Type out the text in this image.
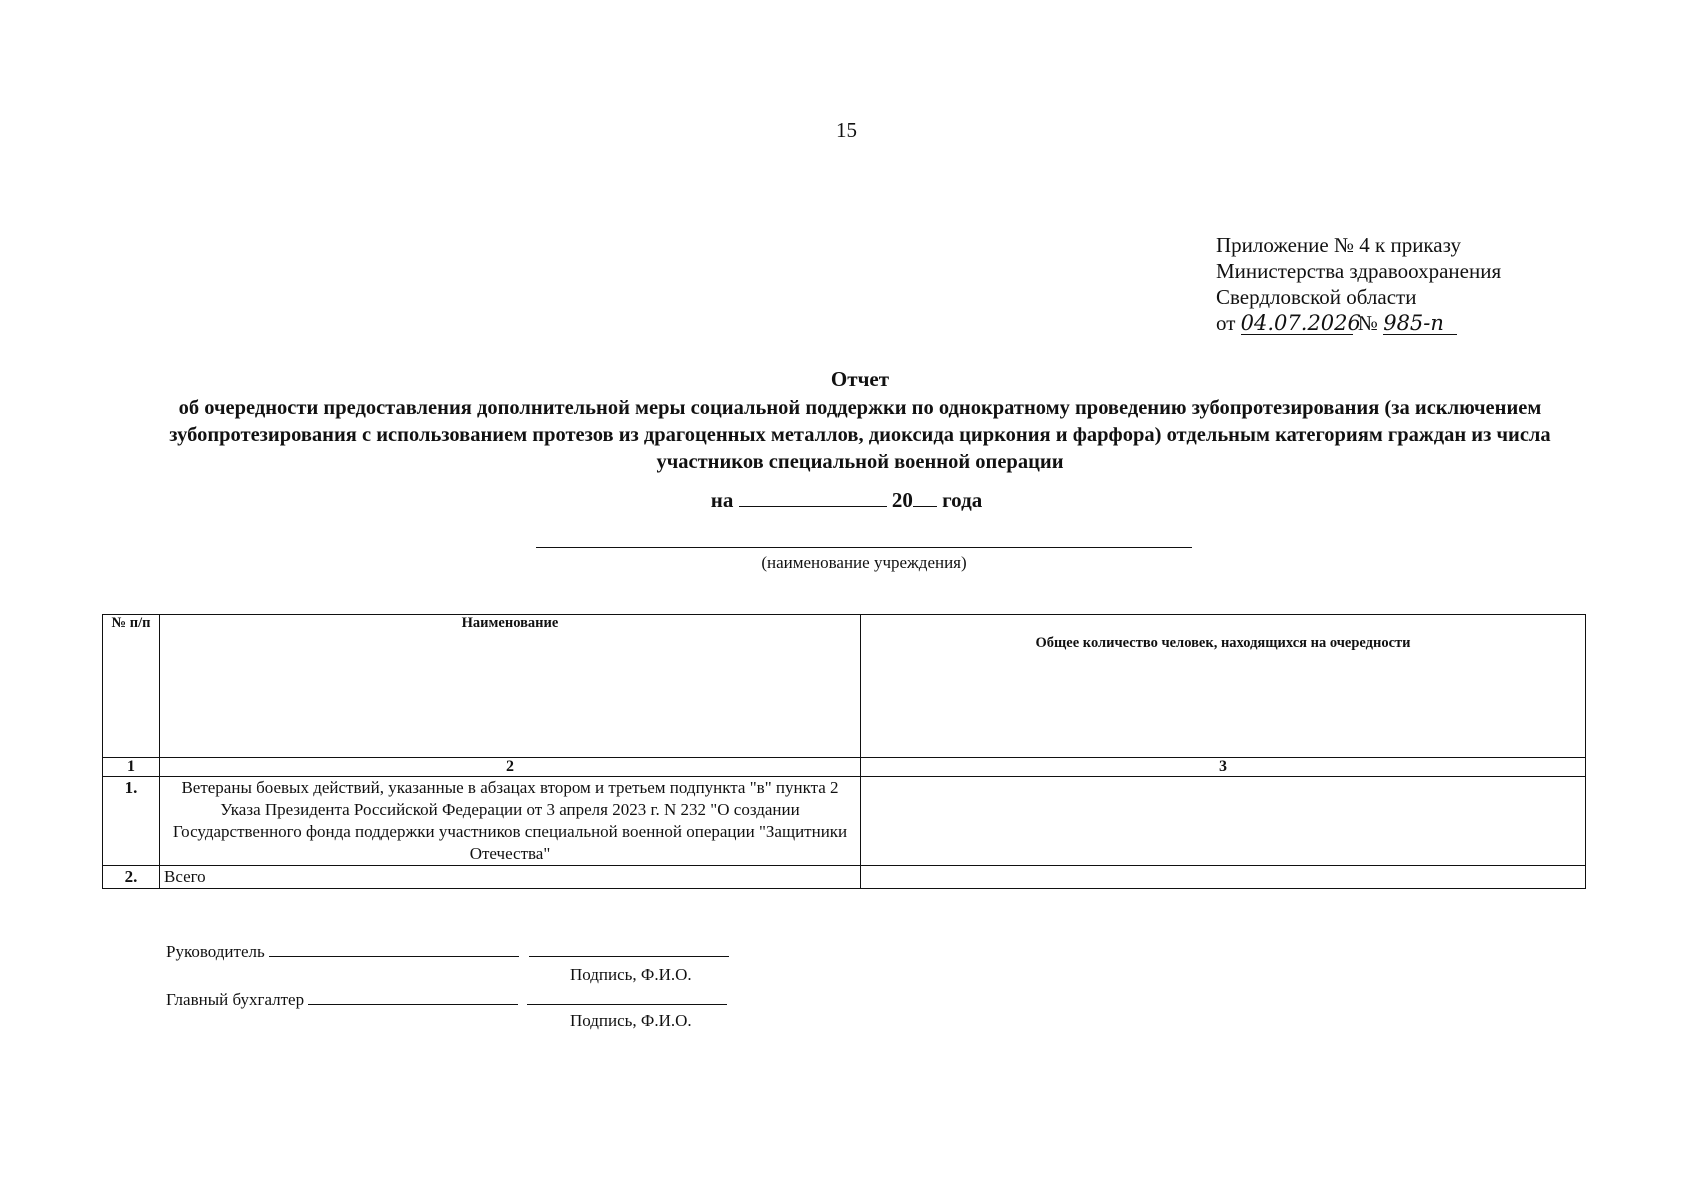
15
Приложение № 4 к приказу
Министерства здравоохранения
Свердловской области
от 04.07.2026 № 985-п
Отчет
об очередности предоставления дополнительной меры социальной поддержки по однократному проведению зубопротезирования (за исключением зубопротезирования с использованием протезов из драгоценных металлов, диоксида циркония и фарфора) отдельным категориям граждан из числа участников специальной военной операции
на	20 года
(наименование учреждения)
№ п/п	Наименование	Общее количество человек, находящихся на очередности
1	2	3
1.	Ветераны боевых действий, указанные в абзацах втором и третьем подпункта "в" пункта 2 Указа Президента Российской Федерации от 3 апреля 2023 г. N 232 "О создании Государственного фонда поддержки участников специальной военной операции "Защитники Отечества"	
2.	Всего	
Руководитель
Подпись, Ф.И.О.
Главный бухгалтер
Подпись, Ф.И.О.
